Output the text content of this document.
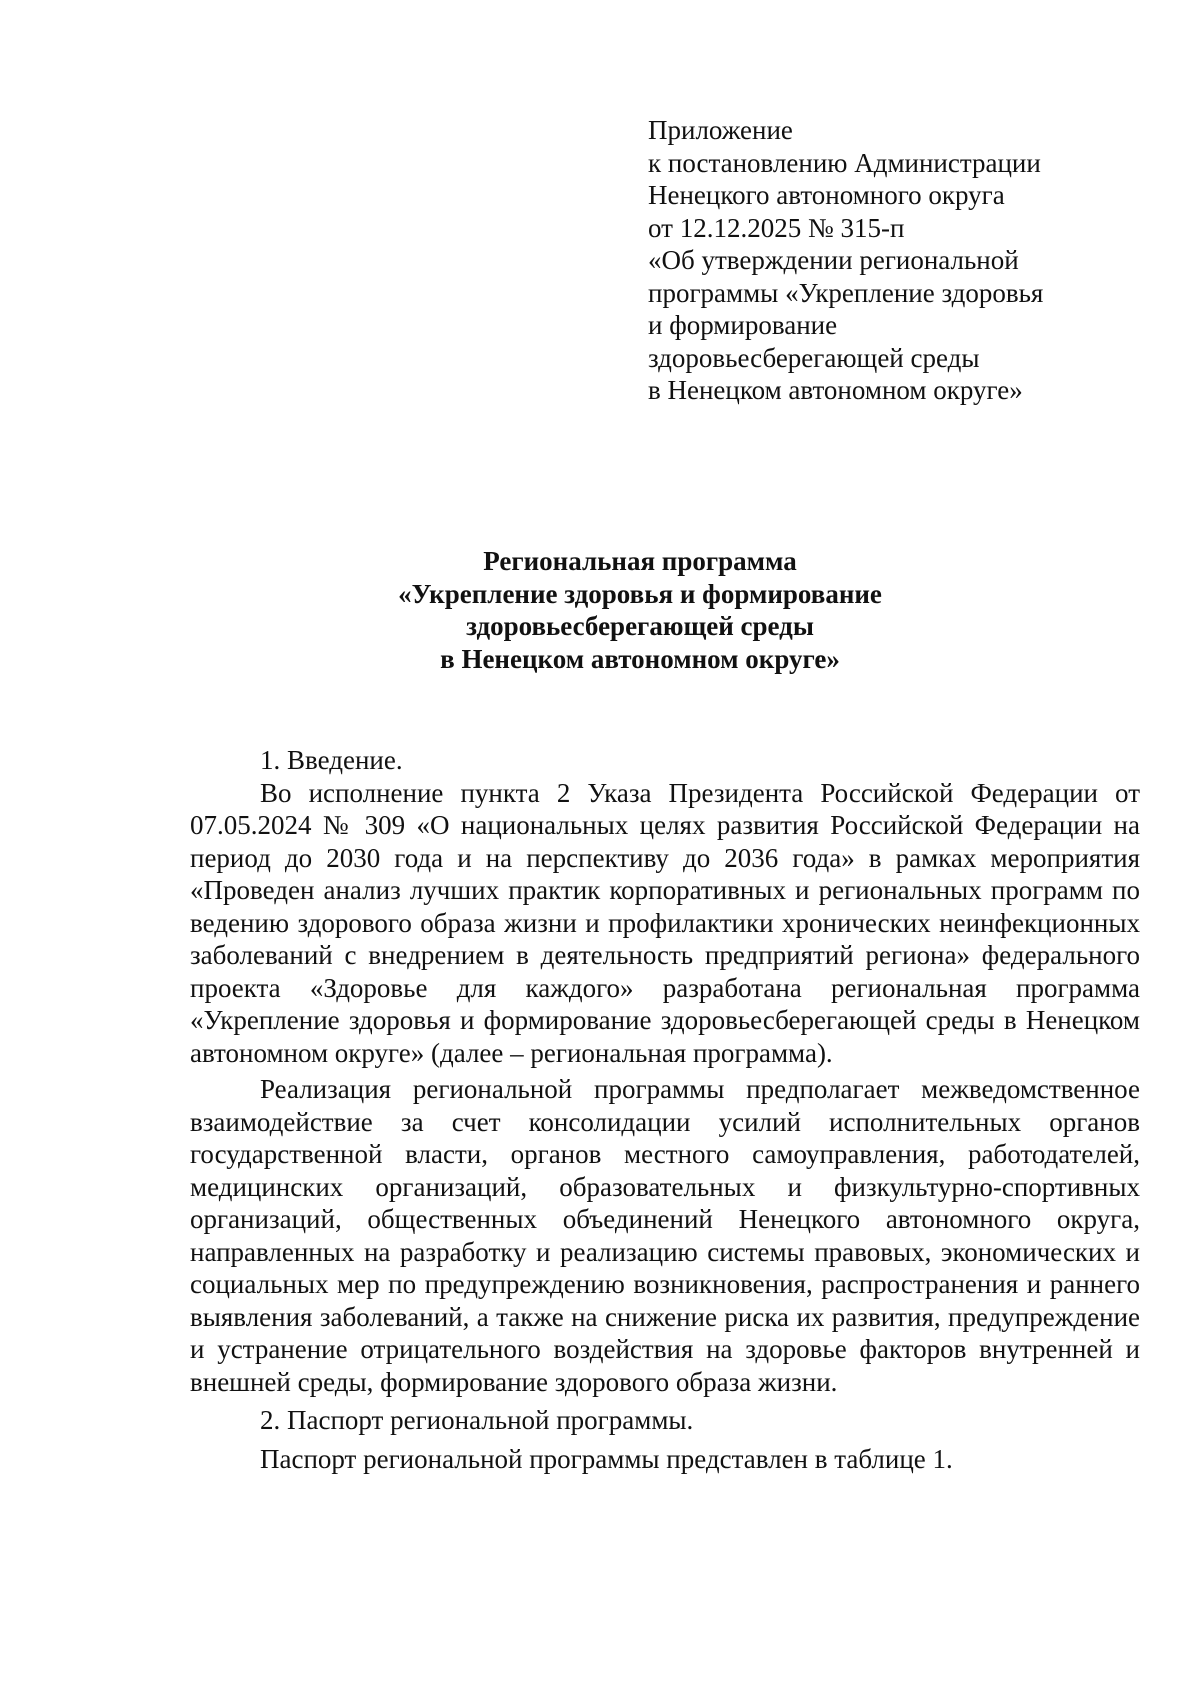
Приложение
к постановлению Администрации
Ненецкого автономного округа
от 12.12.2025 № 315-п
«Об утверждении региональной
программы «Укрепление здоровья
и формирование
здоровьесберегающей среды
в Ненецком автономном округе»
Региональная программа
«Укрепление здоровья и формирование
здоровьесберегающей среды
в Ненецком автономном округе»

1. Введение.

Во исполнение пункта 2 Указа Президента Российской Федерации от 07.05.2024 № 309 «О национальных целях развития Российской Федерации на период до 2030 года и на перспективу до 2036 года» в рамках мероприятия «Проведен анализ лучших практик корпоративных и региональных программ по ведению здорового образа жизни и профилактики хронических неинфекционных заболеваний с внедрением в деятельность предприятий региона» федерального проекта «Здоровье для каждого» разработана региональная программа «Укрепление здоровья и формирование здоровьесберегающей среды в Ненецком автономном округе» (далее – региональная программа).

Реализация региональной программы предполагает межведомственное взаимодействие за счет консолидации усилий исполнительных органов государственной власти, органов местного самоуправления, работодателей, медицинских организаций, образовательных и физкультурно-спортивных организаций, общественных объединений Ненецкого автономного округа, направленных на разработку и реализацию системы правовых, экономических и социальных мер по предупреждению возникновения, распространения и раннего выявления заболеваний, а также на снижение риска их развития, предупреждение и устранение отрицательного воздействия на здоровье факторов внутренней и внешней среды, формирование здорового образа жизни.

2. Паспорт региональной программы.

Паспорт региональной программы представлен в таблице 1.
